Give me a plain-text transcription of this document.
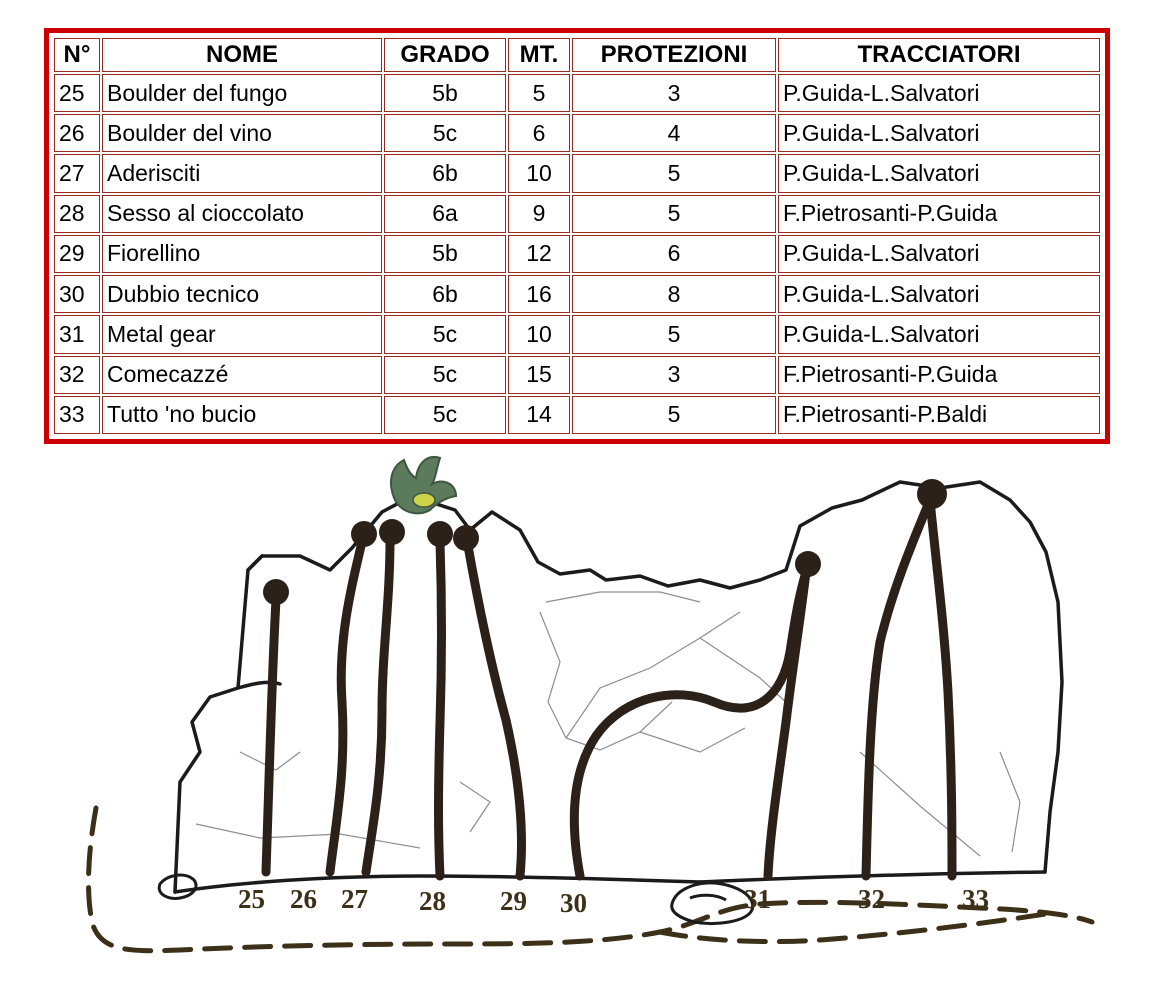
N°	NOME	GRADO	MT.	PROTEZIONI	TRACCIATORI
25	Boulder del fungo	5b	5	3	P.Guida-L.Salvatori
26	Boulder del vino	5c	6	4	P.Guida-L.Salvatori
27	Aderisciti	6b	10	5	P.Guida-L.Salvatori
28	Sesso al cioccolato	6a	9	5	F.Pietrosanti-P.Guida
29	Fiorellino	5b	12	6	P.Guida-L.Salvatori
30	Dubbio tecnico	6b	16	8	P.Guida-L.Salvatori
31	Metal gear	5c	10	5	P.Guida-L.Salvatori
32	Comecazzé	5c	15	3	F.Pietrosanti-P.Guida
33	Tutto 'no bucio	5c	14	5	F.Pietrosanti-P.Baldi
25 26 27 28 29 30	31	32	33
